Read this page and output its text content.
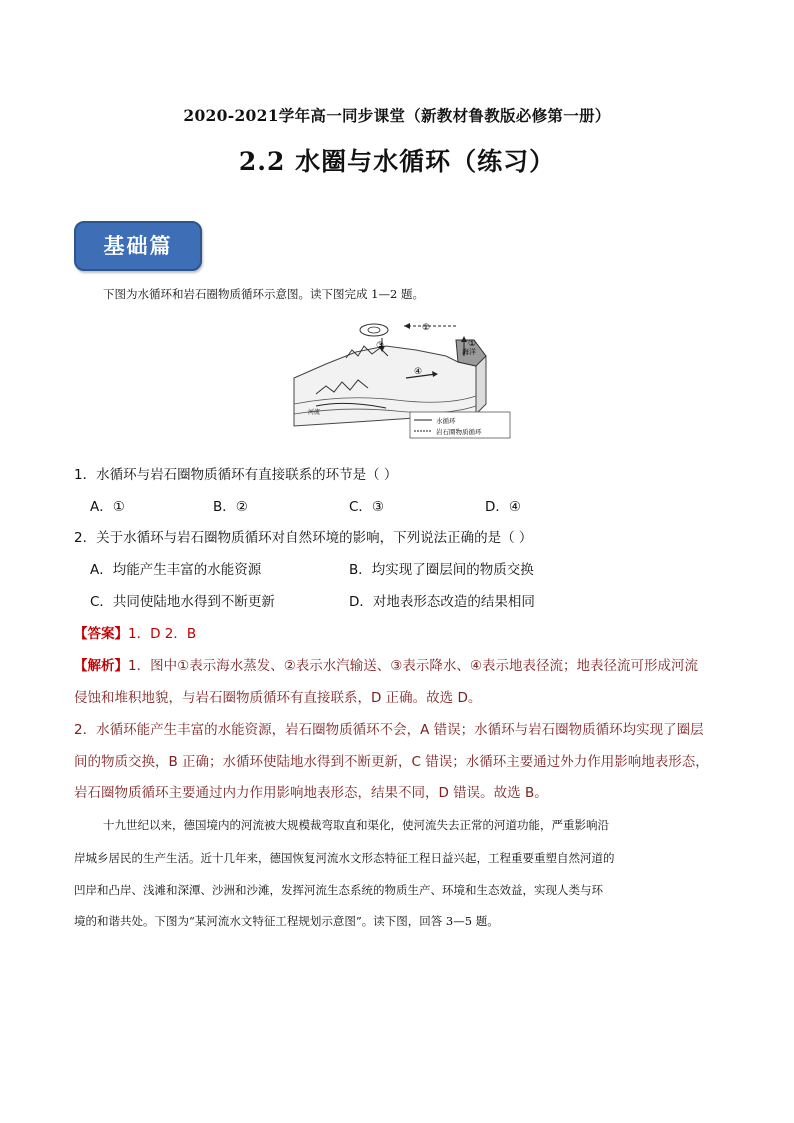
2020-2021学年高一同步课堂（新教材鲁教版必修第一册）
2.2 水圈与水循环（练习）
基础篇
下图为水循环和岩石圈物质循环示意图。读下图完成 1—2 题。
②
①
③
④
海洋
河流
水循环
岩石圈物质循环
1．水循环与岩石圈物质循环有直接联系的环节是（ ）
A．①	B．②	C．③	D．④
2．关于水循环与岩石圈物质循环对自然环境的影响，下列说法正确的是（ ）
A．均能产生丰富的水能资源	B．均实现了圈层间的物质交换
C．共同使陆地水得到不断更新	D．对地表形态改造的结果相同
【答案】1．D 2．B
【解析】1．图中①表示海水蒸发、②表示水汽输送、③表示降水、④表示地表径流；地表径流可形成河流
侵蚀和堆积地貌，与岩石圈物质循环有直接联系，D 正确。故选 D。
2．水循环能产生丰富的水能资源，岩石圈物质循环不会，A 错误；水循环与岩石圈物质循环均实现了圈层
间的物质交换，B 正确；水循环使陆地水得到不断更新，C 错误；水循环主要通过外力作用影响地表形态，
岩石圈物质循环主要通过内力作用影响地表形态，结果不同，D 错误。故选 B。
十九世纪以来，德国境内的河流被大规模裁弯取直和渠化，使河流失去正常的河道功能，严重影响沿
岸城乡居民的生产生活。近十几年来，德国恢复河流水文形态特征工程日益兴起，工程重要重塑自然河道的
凹岸和凸岸、浅滩和深潭、沙洲和沙滩，发挥河流生态系统的物质生产、环境和生态效益，实现人类与环
境的和谐共处。下图为“某河流水文特征工程规划示意图”。读下图，回答 3—5 题。
